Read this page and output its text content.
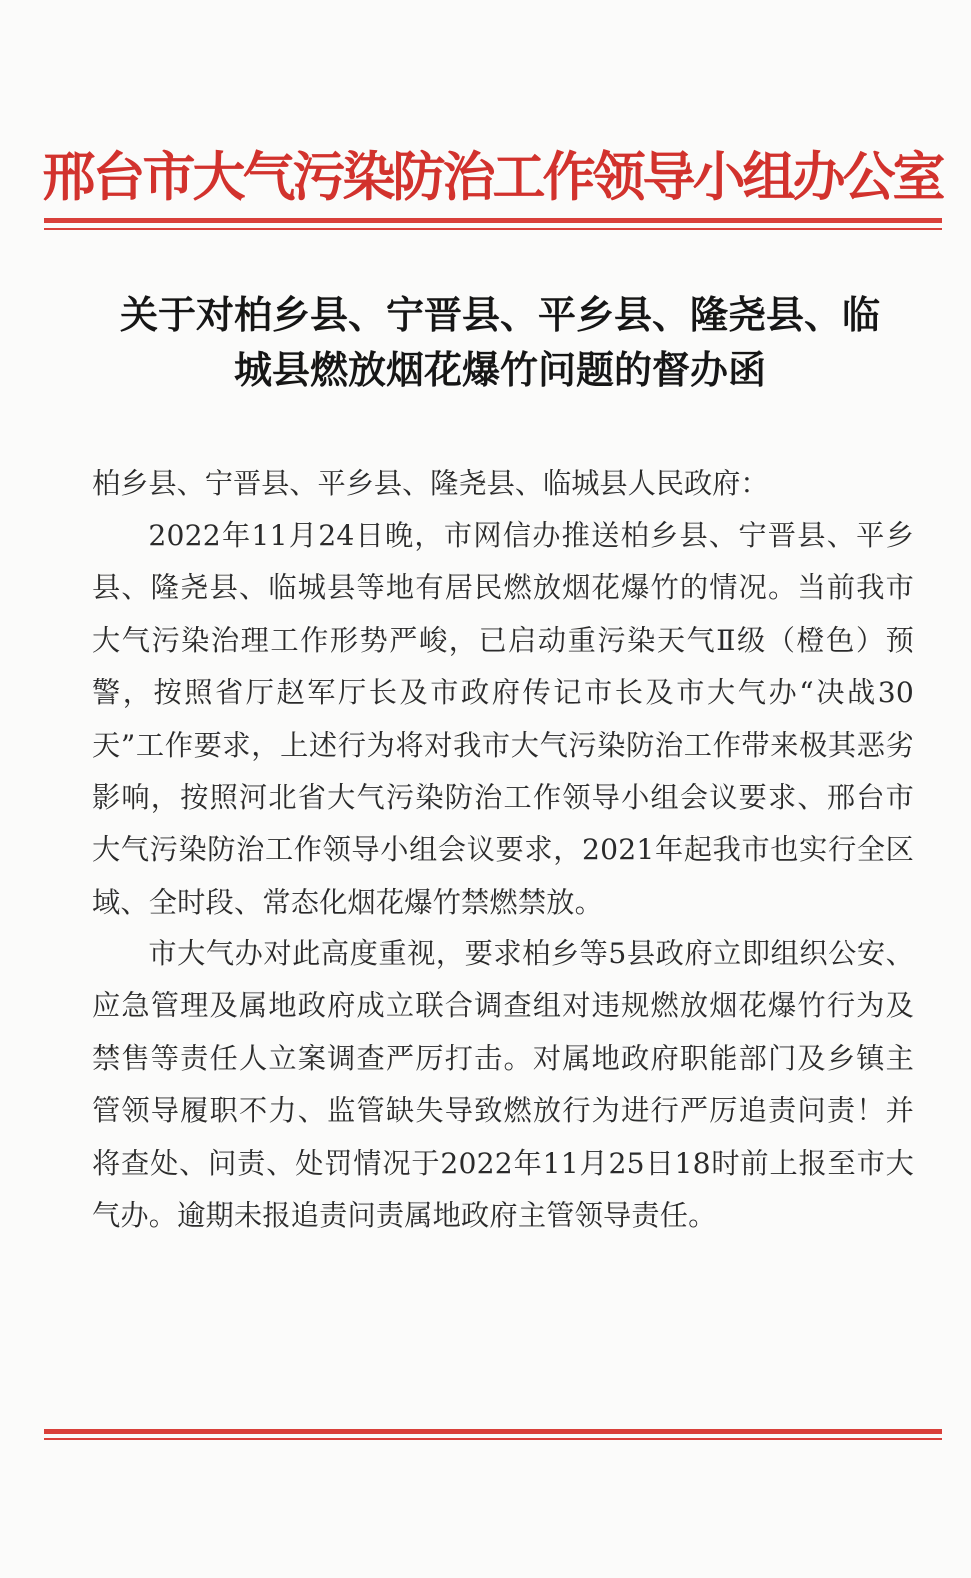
邢台市大气污染防治工作领导小组办公室
关于对柏乡县、宁晋县、平乡县、隆尧县、临
城县燃放烟花爆竹问题的督办函
柏乡县、宁晋县、平乡县、隆尧县、临城县人民政府：
2022年11月24日晚，市网信办推送柏乡县、宁晋县、平乡县、隆尧县、临城县等地有居民燃放烟花爆竹的情况。当前我市大气污染治理工作形势严峻，已启动重污染天气Ⅱ级（橙色）预警，按照省厅赵军厅长及市政府传记市长及市大气办“决战30天”工作要求，上述行为将对我市大气污染防治工作带来极其恶劣影响，按照河北省大气污染防治工作领导小组会议要求、邢台市大气污染防治工作领导小组会议要求，2021年起我市也实行全区域、全时段、常态化烟花爆竹禁燃禁放。
市大气办对此高度重视，要求柏乡等5县政府立即组织公安、应急管理及属地政府成立联合调查组对违规燃放烟花爆竹行为及禁售等责任人立案调查严厉打击。对属地政府职能部门及乡镇主管领导履职不力、监管缺失导致燃放行为进行严厉追责问责！并将查处、问责、处罚情况于2022年11月25日18时前上报至市大气办。逾期未报追责问责属地政府主管领导责任。
